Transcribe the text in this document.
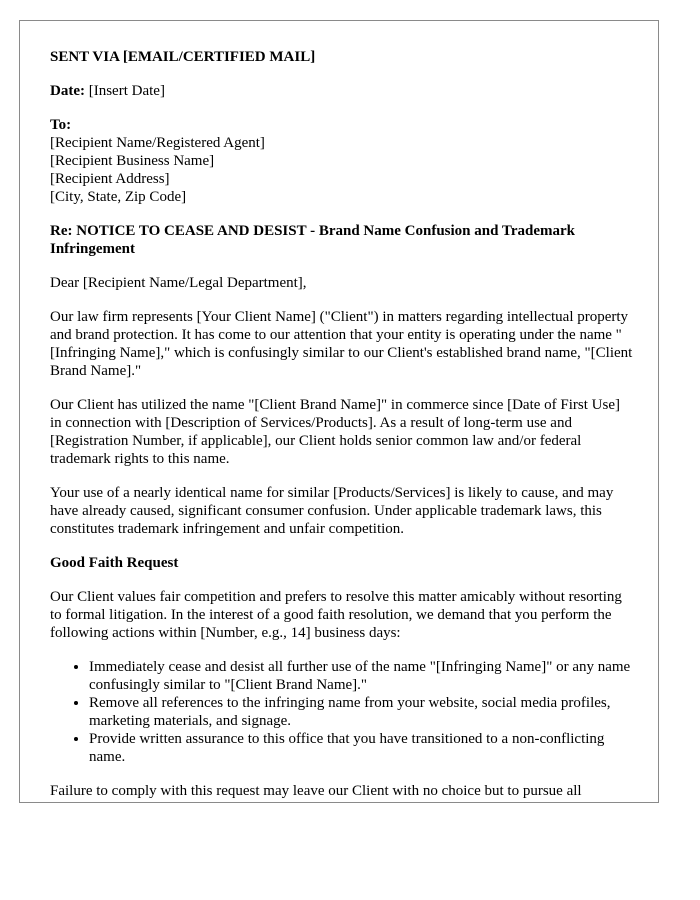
SENT VIA [EMAIL/CERTIFIED MAIL]

Date: [Insert Date]

To:
[Recipient Name/Registered Agent]
[Recipient Business Name]
[Recipient Address]
[City, State, Zip Code]

Re: NOTICE TO CEASE AND DESIST - Brand Name Confusion and Trademark Infringement

Dear [Recipient Name/Legal Department],

Our law firm represents [Your Client Name] ("Client") in matters regarding intellectual property and brand protection. It has come to our attention that your entity is operating under the name "[Infringing Name]," which is confusingly similar to our Client's established brand name, "[Client Brand Name]."

Our Client has utilized the name "[Client Brand Name]" in commerce since [Date of First Use] in connection with [Description of Services/Products]. As a result of long-term use and [Registration Number, if applicable], our Client holds senior common law and/or federal trademark rights to this name.

Your use of a nearly identical name for similar [Products/Services] is likely to cause, and may have already caused, significant consumer confusion. Under applicable trademark laws, this constitutes trademark infringement and unfair competition.

Good Faith Request

Our Client values fair competition and prefers to resolve this matter amicably without resorting to formal litigation. In the interest of a good faith resolution, we demand that you perform the following actions within [Number, e.g., 14] business days:

• Immediately cease and desist all further use of the name "[Infringing Name]" or any name confusingly similar to "[Client Brand Name]."
• Remove all references to the infringing name from your website, social media profiles, marketing materials, and signage.
• Provide written assurance to this office that you have transitioned to a non-conflicting name.

Failure to comply with this request may leave our Client with no choice but to pursue all
